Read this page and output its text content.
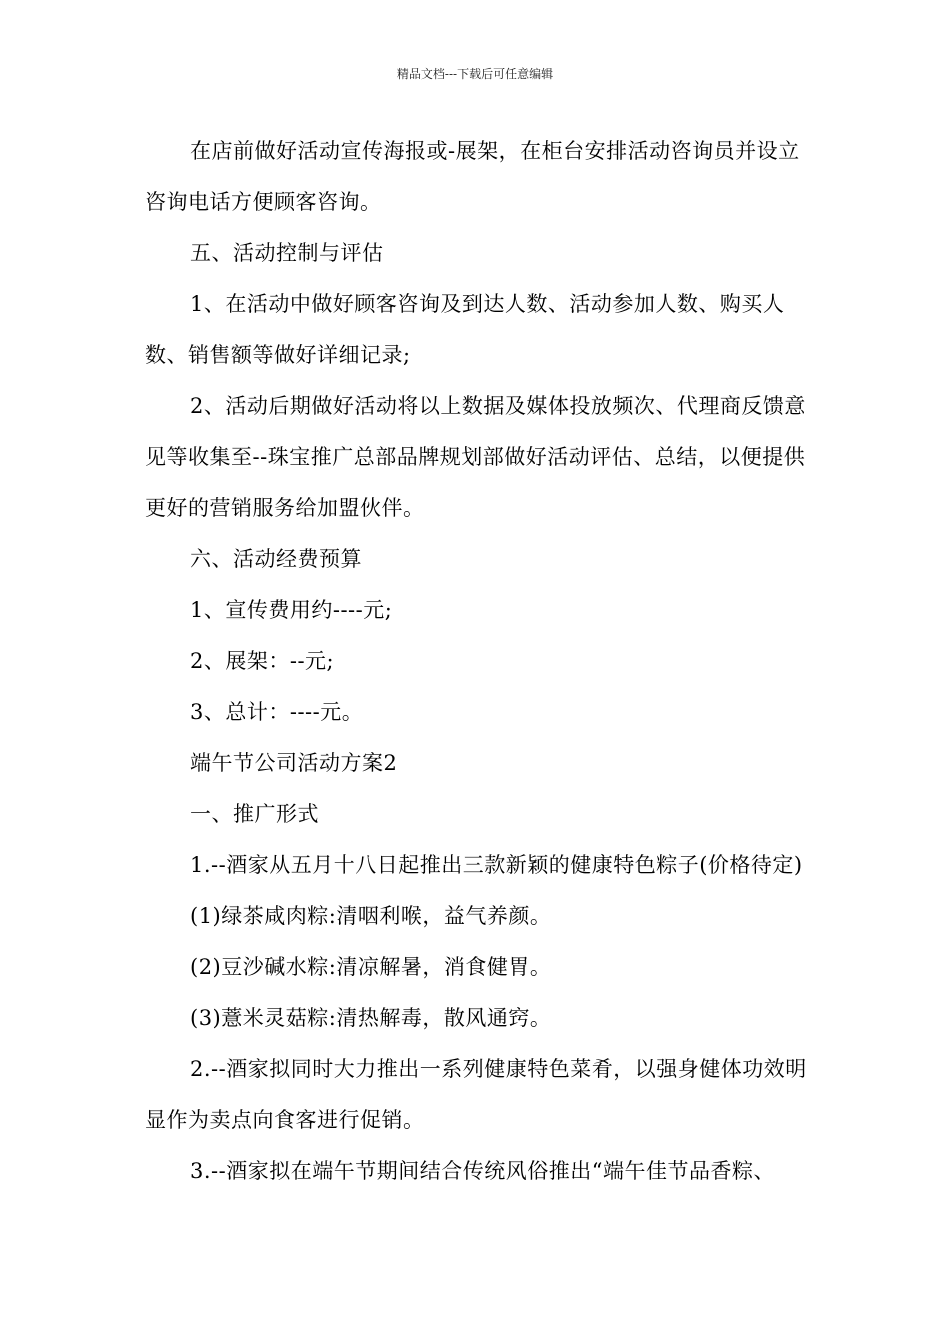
精品文档---下载后可任意编辑

在店前做好活动宣传海报或-展架，在柜台安排活动咨询员并设立咨询电话方便顾客咨询。

五、活动控制与评估

1、在活动中做好顾客咨询及到达人数、活动参加人数、购买人数、销售额等做好详细记录;

2、活动后期做好活动将以上数据及媒体投放频次、代理商反馈意见等收集至--珠宝推广总部品牌规划部做好活动评估、总结，以便提供更好的营销服务给加盟伙伴。

六、活动经费预算

1、宣传费用约----元;

2、展架：--元;

3、总计：----元。

端午节公司活动方案2

一、推广形式

1.--酒家从五月十八日起推出三款新颖的健康特色粽子(价格待定)

(1)绿茶咸肉粽:清咽利喉，益气养颜。

(2)豆沙碱水粽:清凉解暑，消食健胃。

(3)薏米灵菇粽:清热解毒，散风通窍。

2.--酒家拟同时大力推出一系列健康特色菜肴，以强身健体功效明显作为卖点向食客进行促销。

3.--酒家拟在端午节期间结合传统风俗推出“端午佳节品香粽、
